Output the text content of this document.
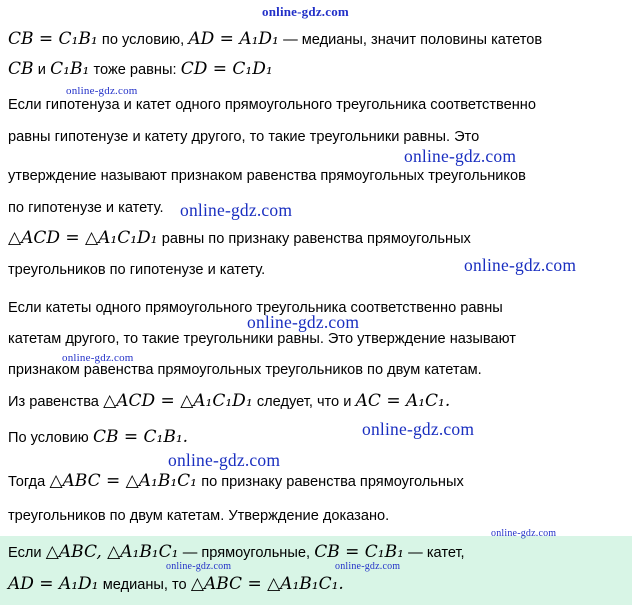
CB = C₁B₁ по условию, AD = A₁D₁ — медианы, значит половины катетов
CB и C₁B₁ тоже равны: CD = C₁D₁
Если гипотенуза и катет одного прямоугольного треугольника соответственно
равны гипотенузе и катету другого, то такие треугольники равны. Это
утверждение называют признаком равенства прямоугольных треугольников
по гипотенузе и катету.
△ACD = △A₁C₁D₁ равны по признаку равенства прямоугольных
треугольников по гипотенузе и катету.
Если катеты одного прямоугольного треугольника соответственно равны
катетам другого, то такие треугольники равны. Это утверждение называют
признаком равенства прямоугольных треугольников по двум катетам.
Из равенства △ACD = △A₁C₁D₁ следует, что и AC = A₁C₁.
По условию CB = C₁B₁.
Тогда △ABC = △A₁B₁C₁ по признаку равенства прямоугольных
треугольников по двум катетам. Утверждение доказано.
Если △ABC, △A₁B₁C₁ — прямоугольные, CB = C₁B₁ — катет,
AD = A₁D₁ медианы, то △ABC = △A₁B₁C₁.
online-gdz.com
online-gdz.com
online-gdz.com
online-gdz.com
online-gdz.com
online-gdz.com
online-gdz.com
online-gdz.com
online-gdz.com
online-gdz.com
online-gdz.com	online-gdz.com
